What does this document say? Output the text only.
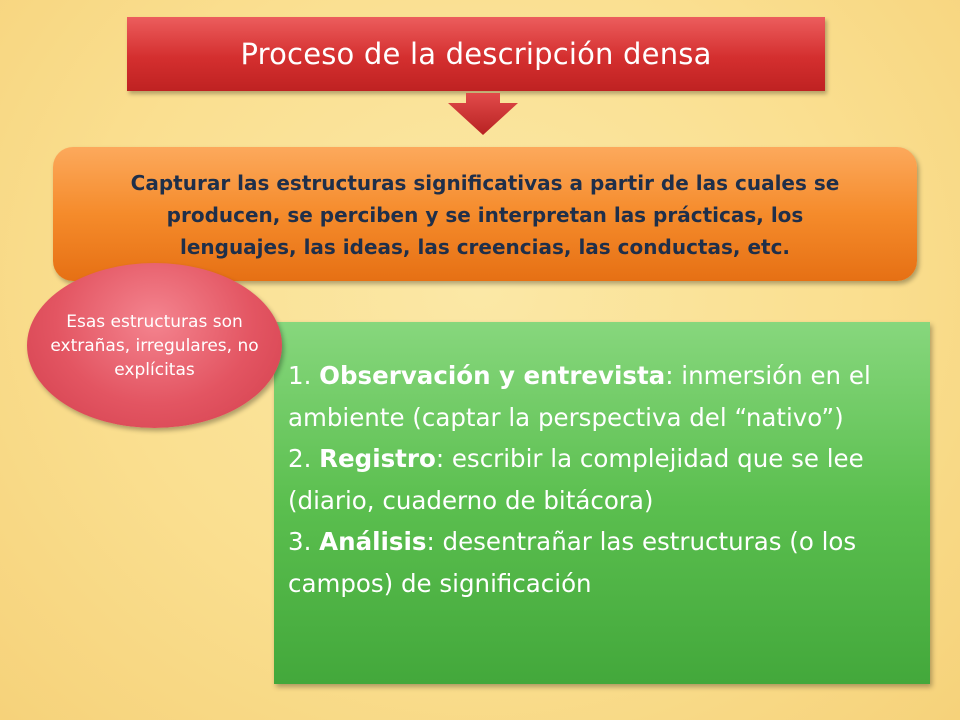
Proceso de la descripción densa
Capturar las estructuras significativas a partir de las cuales se producen, se perciben y se interpretan las prácticas, los lenguajes, las ideas, las creencias, las conductas, etc.

1. Observación y entrevista: inmersión en el ambiente (captar la perspectiva del “nativo”)

2. Registro: escribir la complejidad que se lee (diario, cuaderno de bitácora)

3. Análisis: desentrañar las estructuras (o los campos) de significación

Esas estructuras son extrañas, irregulares, no explícitas
